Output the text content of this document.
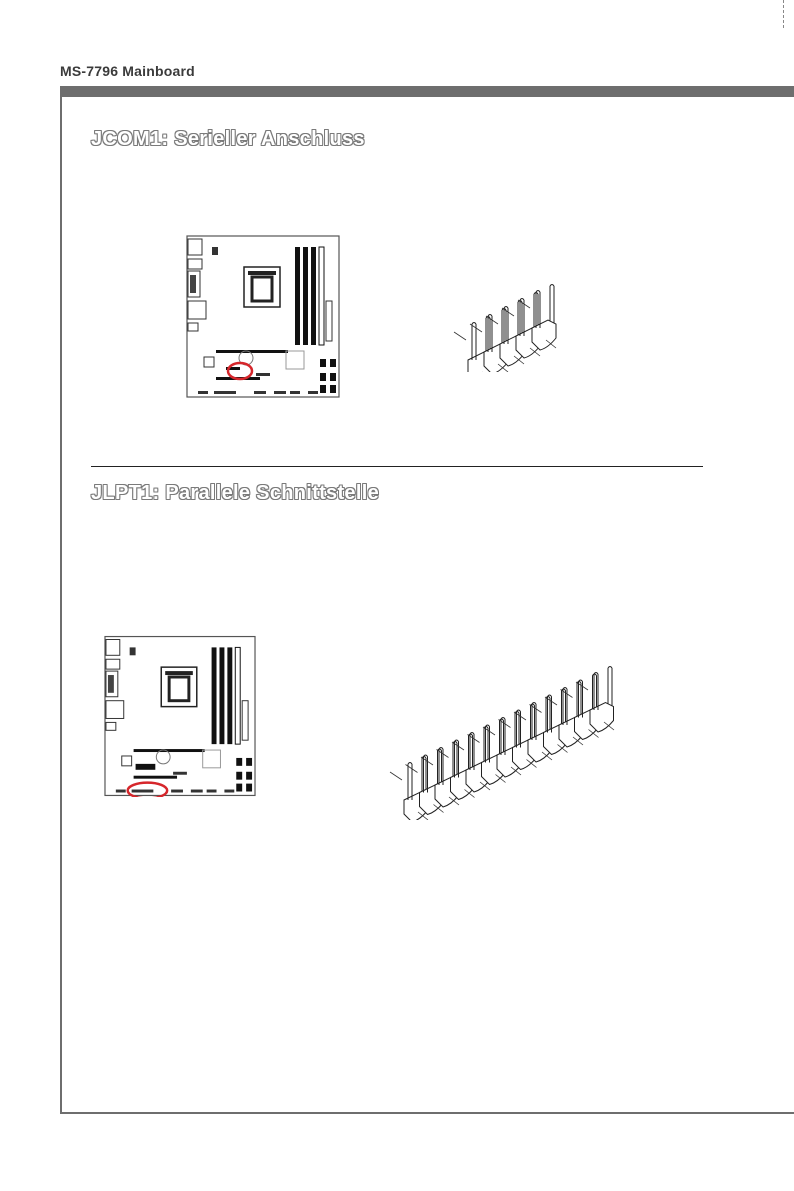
MS-7796 Mainboard
JCOM1: Serieller Anschluss
JLPT1: Parallele Schnittstelle
